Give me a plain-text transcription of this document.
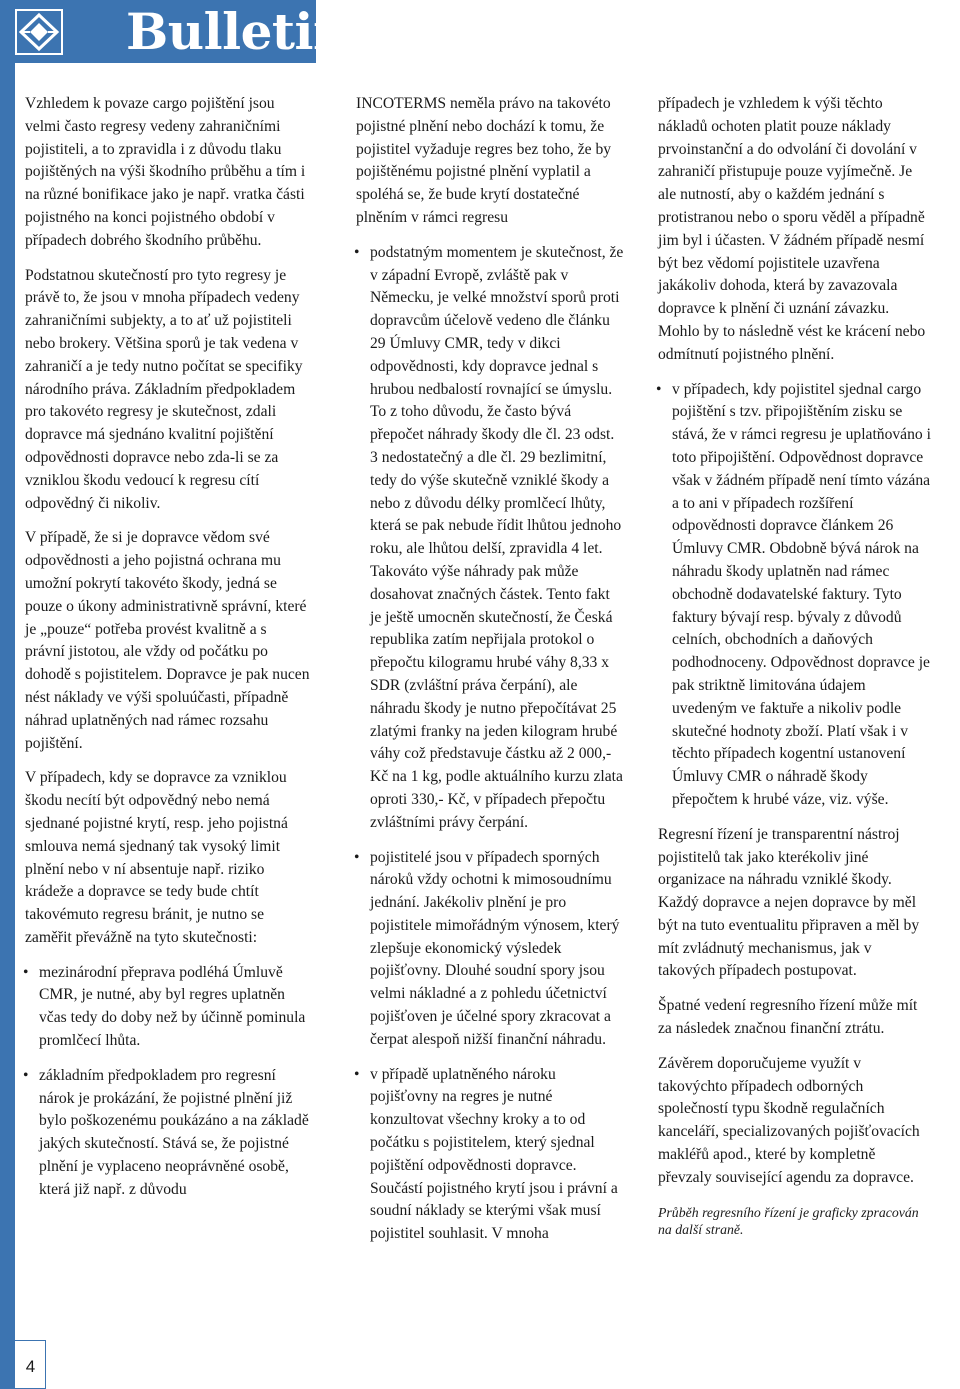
Bulletin

Vzhledem k povaze cargo pojištění jsou velmi často regresy vedeny zahraničními pojistiteli, a to zpravidla i z důvodu tlaku pojištěných na výši škodního průběhu a tím i na různé bonifikace jako je např. vratka části pojistného na konci pojistného období v případech dobrého škodního průběhu.

Podstatnou skutečností pro tyto regresy je právě to, že jsou v mnoha případech vedeny zahraničními subjekty, a to ať už pojistiteli nebo brokery. Většina sporů je tak vedena v zahraničí a je tedy nutno počítat se specifiky národního práva. Základním předpokladem pro takovéto regresy je skutečnost, zdali dopravce má sjednáno kvalitní pojištění odpovědnosti dopravce nebo zda-li se za vzniklou škodu vedoucí k regresu cítí odpovědný či nikoliv.

V případě, že si je dopravce vědom své odpovědnosti a jeho pojistná ochrana mu umožní pokrytí takovéto škody, jedná se pouze o úkony administrativně správní, které je „pouze“ potřeba provést kvalitně a s právní jistotou, ale vždy od počátku po dohodě s pojistitelem. Dopravce je pak nucen nést náklady ve výši spoluúčasti, případně náhrad uplatněných nad rámec rozsahu pojištění.

V případech, kdy se dopravce za vzniklou škodu necítí být odpovědný nebo nemá sjednané pojistné krytí, resp. jeho pojistná smlouva nemá sjednaný tak vysoký limit plnění nebo v ní absentuje např. riziko krádeže a dopravce se tedy bude chtít takovémuto regresu bránit, je nutno se zaměřit převážně na tyto skutečnosti:

• mezinárodní přeprava podléhá Úmluvě CMR, je nutné, aby byl regres uplatněn včas tedy do doby než by účinně pominula promlčecí lhůta.
• základním předpokladem pro regresní nárok je prokázání, že pojistné plnění již bylo poškozenému poukázáno a na základě jakých skutečností. Stává se, že pojistné plnění je vyplaceno neoprávněné osobě, která již např. z důvodu

INCOTERMS neměla právo na takovéto pojistné plnění nebo dochází k tomu, že pojistitel vyžaduje regres bez toho, že by pojištěnému pojistné plnění vyplatil a spoléhá se, že bude krytí dostatečné plněním v rámci regresu

• podstatným momentem je skutečnost, že v západní Evropě, zvláště pak v Německu, je velké množství sporů proti dopravcům účelově vedeno dle článku 29 Úmluvy CMR, tedy v dikci odpovědnosti, kdy dopravce jednal s hrubou nedbalostí rovnající se úmyslu. To z toho důvodu, že často bývá přepočet náhrady škody dle čl. 23 odst. 3 nedostatečný a dle čl. 29 bezlimitní, tedy do výše skutečně vzniklé škody a nebo z důvodu délky promlčecí lhůty, která se pak nebude řídit lhůtou jednoho roku, ale lhůtou delší, zpravidla 4 let. Takováto výše náhrady pak může dosahovat značných částek. Tento fakt je ještě umocněn skutečností, že Česká republika zatím nepřijala protokol o přepočtu kilogramu hrubé váhy 8,33 x SDR (zvláštní práva čerpání), ale náhradu škody je nutno přepočítávat 25 zlatými franky na jeden kilogram hrubé váhy což představuje částku až 2 000,- Kč na 1 kg, podle aktuálního kurzu zlata oproti 330,- Kč, v případech přepočtu zvláštními právy čerpání.
• pojistitelé jsou v případech sporných nároků vždy ochotni k mimosoudnímu jednání. Jakékoliv plnění je pro pojistitele mimořádným výnosem, který zlepšuje ekonomický výsledek pojišťovny. Dlouhé soudní spory jsou velmi nákladné a z pohledu účetnictví pojišťoven je účelné spory zkracovat a čerpat alespoň nižší finanční náhradu.
• v případě uplatněného nároku pojišťovny na regres je nutné konzultovat všechny kroky a to od počátku s pojistitelem, který sjednal pojištění odpovědnosti dopravce. Součástí pojistného krytí jsou i právní a soudní náklady se kterými však musí pojistitel souhlasit. V mnoha

případech je vzhledem k výši těchto nákladů ochoten platit pouze náklady prvoinstanční a do odvolání či dovolání v zahraničí přistupuje pouze vyjímečně. Je ale nutností, aby o každém jednání s protistranou nebo o sporu věděl a případně jim byl i účasten. V žádném případě nesmí být bez vědomí pojistitele uzavřena jakákoliv dohoda, která by zavazovala dopravce k plnění či uznání závazku. Mohlo by to následně vést ke krácení nebo odmítnutí pojistného plnění.

• v případech, kdy pojistitel sjednal cargo pojištění s tzv. připojištěním zisku se stává, že v rámci regresu je uplatňováno i toto připojištění. Odpovědnost dopravce však v žádném případě není tímto vázána a to ani v případech rozšíření odpovědnosti dopravce článkem 26 Úmluvy CMR. Obdobně bývá nárok na náhradu škody uplatněn nad rámec obchodně dodavatelské faktury. Tyto faktury bývají resp. bývaly z důvodů celních, obchodních a daňových podhodnoceny. Odpovědnost dopravce je pak striktně limitována údajem uvedeným ve faktuře a nikoliv podle skutečné hodnoty zboží. Platí však i v těchto případech kogentní ustanovení Úmluvy CMR o náhradě škody přepočtem k hrubé váze, viz. výše.

Regresní řízení je transparentní nástroj pojistitelů tak jako kterékoliv jiné organizace na náhradu vzniklé škody. Každý dopravce a nejen dopravce by měl být na tuto eventualitu připraven a měl by mít zvládnutý mechanismus, jak v takových případech postupovat.

Špatné vedení regresního řízení může mít za následek značnou finanční ztrátu.

Závěrem doporučujeme využít v takovýchto případech odborných společností typu škodně regulačních kanceláří, specializovaných pojišťovacích makléřů apod., které by kompletně převzaly související agendu za dopravce.

Průběh regresního řízení je graficky zpracován na další straně.
4
